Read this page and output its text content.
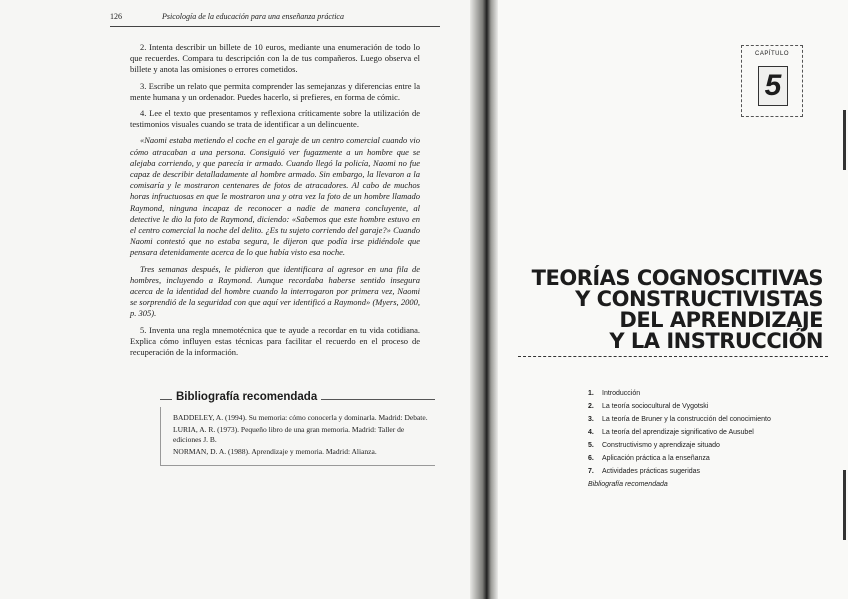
126	Psicología de la educación para una enseñanza práctica

2. Intenta describir un billete de 10 euros, mediante una enumeración de todo lo que recuerdes. Compara tu descripción con la de tus compañeros. Luego observa el billete y anota las omisiones o errores cometidos.

3. Escribe un relato que permita comprender las semejanzas y diferencias entre la mente humana y un ordenador. Puedes hacerlo, si prefieres, en forma de cómic.

4. Lee el texto que presentamos y reflexiona críticamente sobre la utilización de testimonios visuales cuando se trata de identificar a un delincuente.

«Naomi estaba metiendo el coche en el garaje de un centro comercial cuando vio cómo atracaban a una persona. Consiguió ver fugazmente a un hombre que se alejaba corriendo, y que parecía ir armado. Cuando llegó la policía, Naomi no fue capaz de describir detalladamente al hombre armado. Sin embargo, la llevaron a la comisaría y le mostraron centenares de fotos de atracadores. Al cabo de muchos horas infructuosas en que le mostraron una y otra vez la foto de un hombre llamado Raymond, ninguna incapaz de reconocer a nadie de manera concluyente, al detective le dio la foto de Raymond, diciendo: «Sabemos que este hombre estuvo en el centro comercial la noche del delito. ¿Es tu sujeto corriendo del garaje?» Cuando Naomi contestó que no estaba segura, le dijeron que podía irse pidiéndole que pensara detenidamente acerca de lo que había visto esa noche.

Tres semanas después, le pidieron que identificara al agresor en una fila de hombres, incluyendo a Raymond. Aunque recordaba haberse sentido insegura acerca de la identidad del hombre cuando la interrogaron por primera vez, Naomi se sorprendió de la seguridad con que aquí ver identificó a Raymond» (Myers, 2000, p. 305).

5. Inventa una regla mnemotécnica que te ayude a recordar en tu vida cotidiana. Explica cómo influyen estas técnicas para facilitar el recuerdo en el proceso de recuperación de la información.

Bibliografía recomendada

BADDELEY, A. (1994). Su memoria: cómo conocerla y dominarla. Madrid: Debate.

LURIA, A. R. (1973). Pequeño libro de una gran memoria. Madrid: Taller de ediciones J. B.

NORMAN, D. A. (1988). Aprendizaje y memoria. Madrid: Alianza.

CAPÍTULO
5
TEORÍAS COGNOSCITIVAS
Y CONSTRUCTIVISTAS
DEL APRENDIZAJE
Y LA INSTRUCCIÓN
1.	Introducción
2.	La teoría sociocultural de Vygotski
3.	La teoría de Bruner y la construcción del conocimiento
4.	La teoría del aprendizaje significativo de Ausubel
5.	Constructivismo y aprendizaje situado
6.	Aplicación práctica a la enseñanza
7.	Actividades prácticas sugeridas
Bibliografía recomendada
